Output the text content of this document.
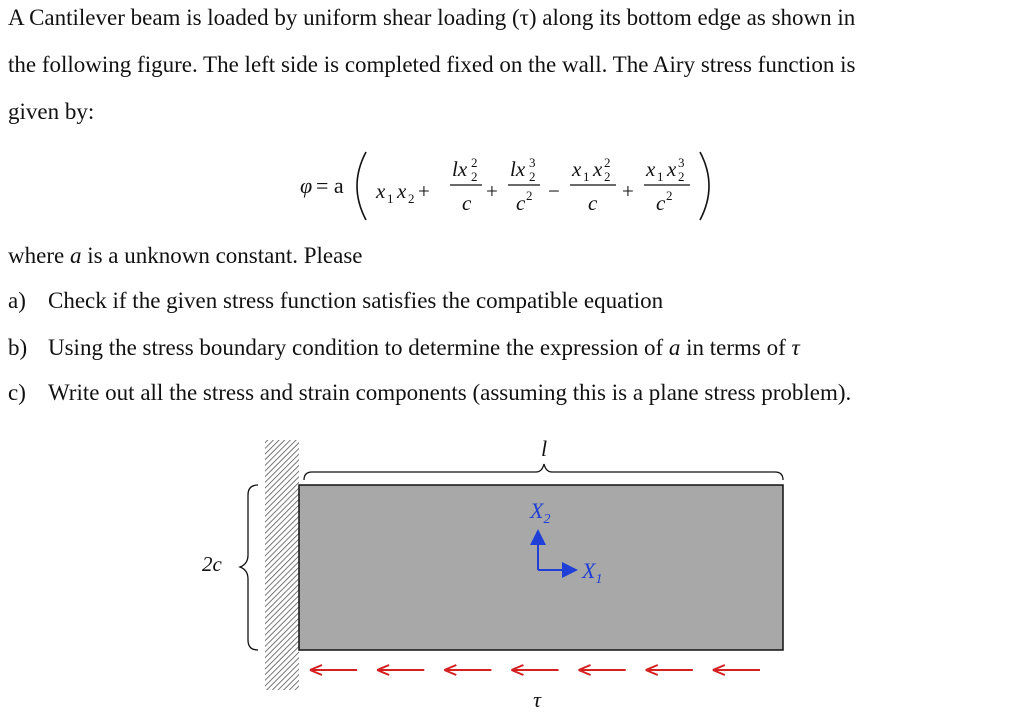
A Cantilever beam is loaded by uniform shear loading (τ) along its bottom edge as shown in
the following figure. The left side is completed fixed on the wall. The Airy stress function is
given by:
φ = a x 1 x 2 +
lx 2
2
c +
lx 3
2
c 2 −
x 1 x 2
2
c +
x 1 x 3
2
c 2
where a is a unknown constant. Please
a) Check if the given stress function satisfies the compatible equation
b) Using the stress boundary condition to determine the expression of a in terms of τ
c) Write out all the stress and strain components (assuming this is a plane stress problem).
l
2c
$X_2$
$X_1$
τ
